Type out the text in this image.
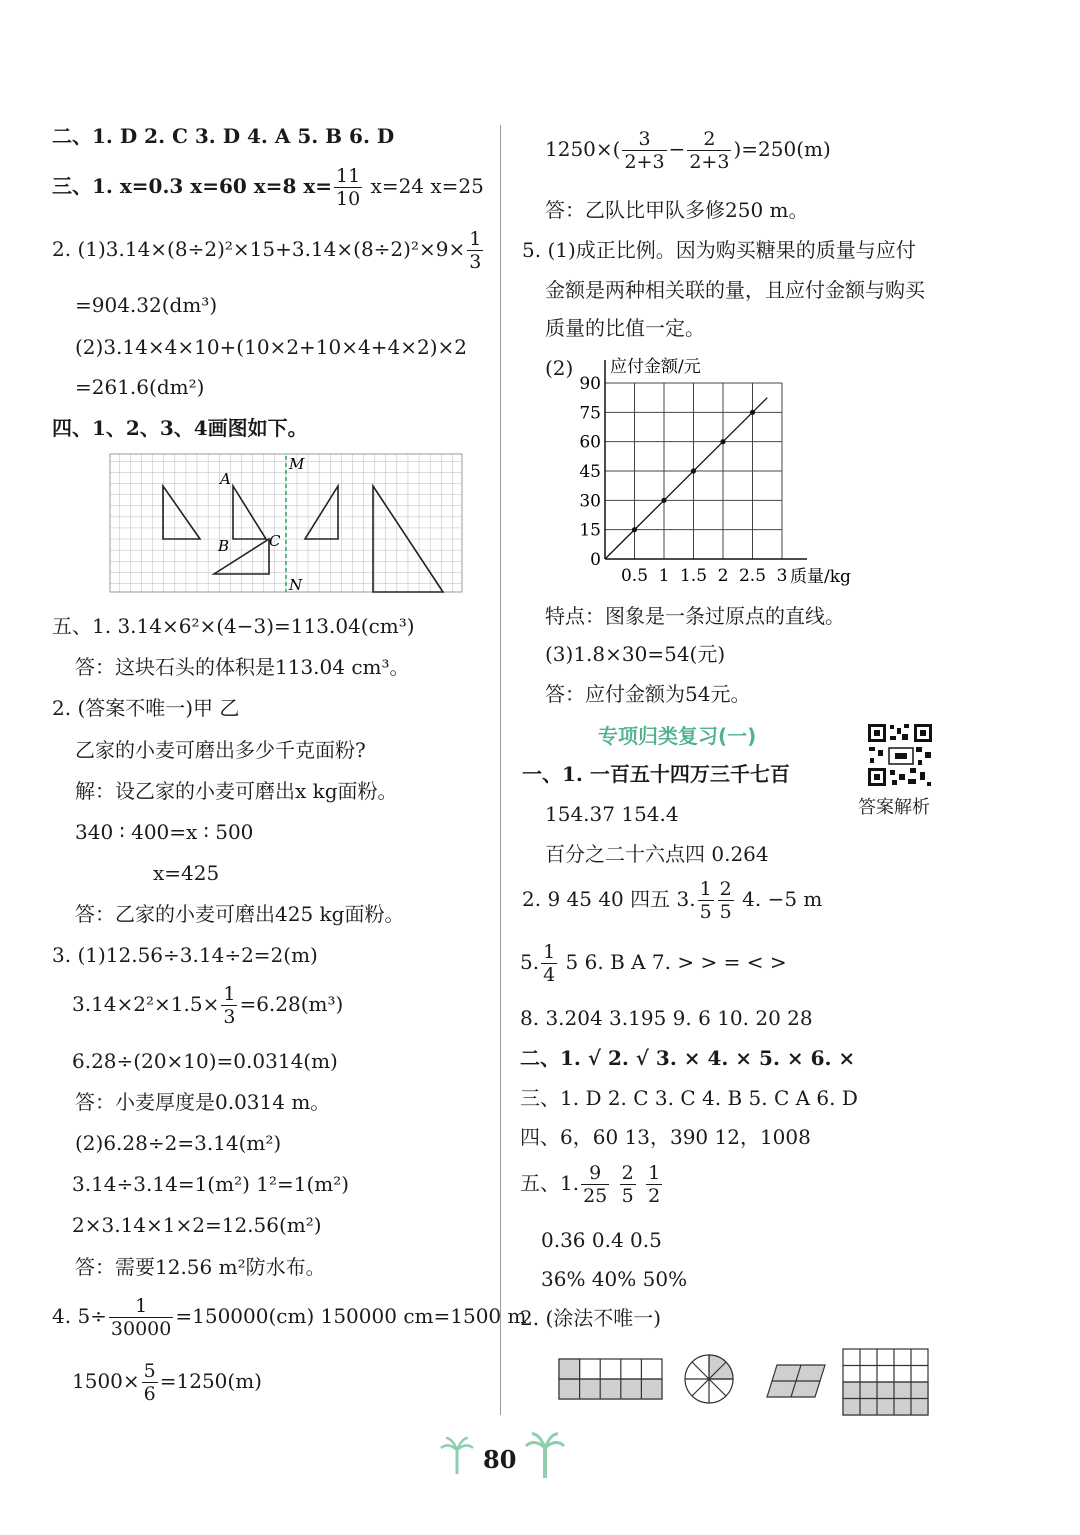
二、1. D 2. C 3. D 4. A 5. B 6. D
三、1. x=0.3 x=60 x=8 $x= \frac{11}{10} x=24$ x=25
2. $(1)3.14\times(8\div 2)^2\times 15+3.14\times(8\div 2)^2\times 9\times \frac{1}{3}$
=904.32(dm³)
(2)3.14×4×10+(10×2+10×4+4×2)×2
=261.6(dm²)
四、1、2、3、4画图如下。
A
B	C
M
N
五、1. 3.14×6²×(4−3)=113.04(cm³)
答：这块石头的体积是113.04 cm³。
2. (答案不唯一)甲 乙
乙家的小麦可磨出多少千克面粉?
解：设乙家的小麦可磨出x kg面粉。
340 ∶ 400=x ∶ 500
x=425
答：乙家的小麦可磨出425 kg面粉。
3. (1)12.56÷3.14÷2=2(m)
$3.14\times 2^2\times 1.5\times \frac{1}{3} =6.28(m^3)$
6.28÷(20×10)=0.0314(m)
答：小麦厚度是0.0314 m。
(2)6.28÷2=3.14(m²)
3.14÷3.14=1(m²) 1²=1(m²)
2×3.14×1×2=12.56(m²)
答：需要12.56 m²防水布。
4. $5\div \frac{1}{30000} =150000(cm)$ 150000 cm=1500 m
$1500\times \frac{5}{6} =1250(m)$
$1250\times( \frac{3}{2+3} - \frac{2}{2+3} )=250(m)$
答：乙队比甲队多修250 m。
5. (1)成正比例。因为购买糖果的质量与应付
金额是两种相关联的量，且应付金额与购买
质量的比值一定。
(2)
0.5 1 1.5 2 2.5 3
0
15
30
45
60
75
90
应付金额/元
质量/kg
特点：图象是一条过原点的直线。
(3)1.8×30=54(元)
答：应付金额为54元。
专项归类复习(一)
答案解析
一、1. 一百五十四万三千七百
154.37 154.4
百分之二十六点四 0.264
2. 9 45 40 四五 3. $\frac{1}{5} \frac{2}{5} 4$. −5 m
5. $\frac{1}{4} 5$ 6. B A 7. > > = < >
8. 3.204 3.195 9. 6 10. 20 28
二、1. √ 2. √ 3. × 4. × 5. × 6. ×
三、1. D 2. C 3. C 4. B 5. C A 6. D
四、6，60 13，390 12，1008
五、1. $\frac{9}{25}$
$\frac{2}{5}$
$\frac{1}{2}$
0.36 0.4 0.5
36% 40% 50%
2. (涂法不唯一)
80
